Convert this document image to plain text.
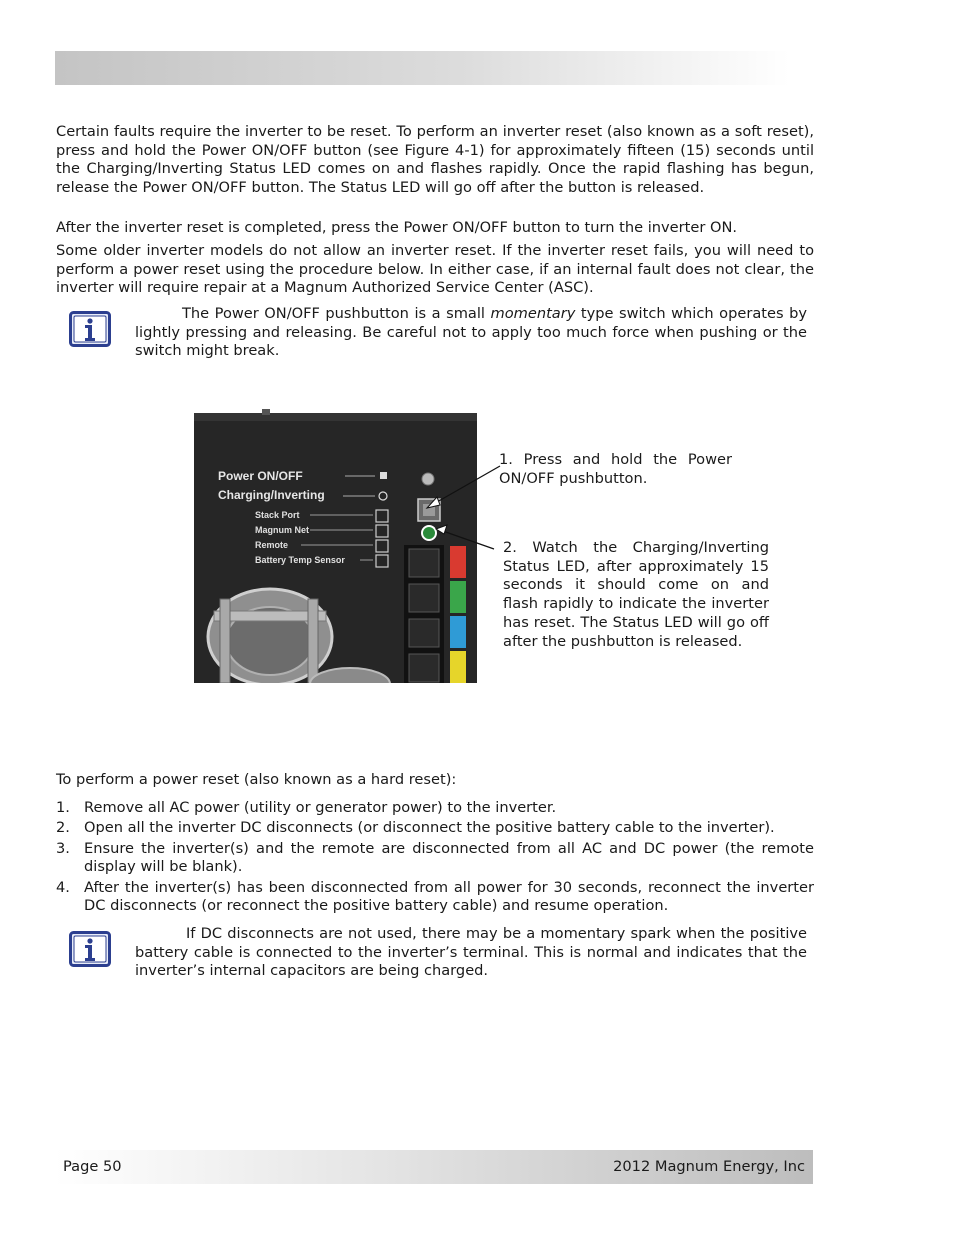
Certain faults require the inverter to be reset. To perform an inverter reset (also known as a soft reset), press and hold the Power ON/OFF button (see Figure 4-1) for approximately fifteen (15) seconds until the Charging/Inverting Status LED comes on and flashes rapidly. Once the rapid flashing has begun, release the Power ON/OFF button. The Status LED will go off after the button is released.

After the inverter reset is completed, press the Power ON/OFF button to turn the inverter ON.

Some older inverter models do not allow an inverter reset. If the inverter reset fails, you will need to perform a power reset using the procedure below. In either case, if an internal fault does not clear, the inverter will require repair at a Magnum Authorized Service Center (ASC).

The Power ON/OFF pushbutton is a small momentary type switch which operates by lightly pressing and releasing. Be careful not to apply too much force when pushing or the switch might break.

Power ON/OFF
Charging/Inverting
Stack Port
Magnum Net
Remote
Battery Temp Sensor

1. Press and hold the Power ON/OFF pushbutton.

2. Watch the Charging/Inverting Status LED, after approximately 15 seconds it should come on and flash rapidly to indicate the inverter has reset. The Status LED will go off after the pushbutton is released.

To perform a power reset (also known as a hard reset):

1. Remove all AC power (utility or generator power) to the inverter.
2. Open all the inverter DC disconnects (or disconnect the positive battery cable to the inverter).
3. Ensure the inverter(s) and the remote are disconnected from all AC and DC power (the remote display will be blank).
4. After the inverter(s) has been disconnected from all power for 30 seconds, reconnect the inverter DC disconnects (or reconnect the positive battery cable) and resume operation.

If DC disconnects are not used, there may be a momentary spark when the positive battery cable is connected to the inverter’s terminal. This is normal and indicates that the inverter’s internal capacitors are being charged.

Page 50	2012 Magnum Energy, Inc
